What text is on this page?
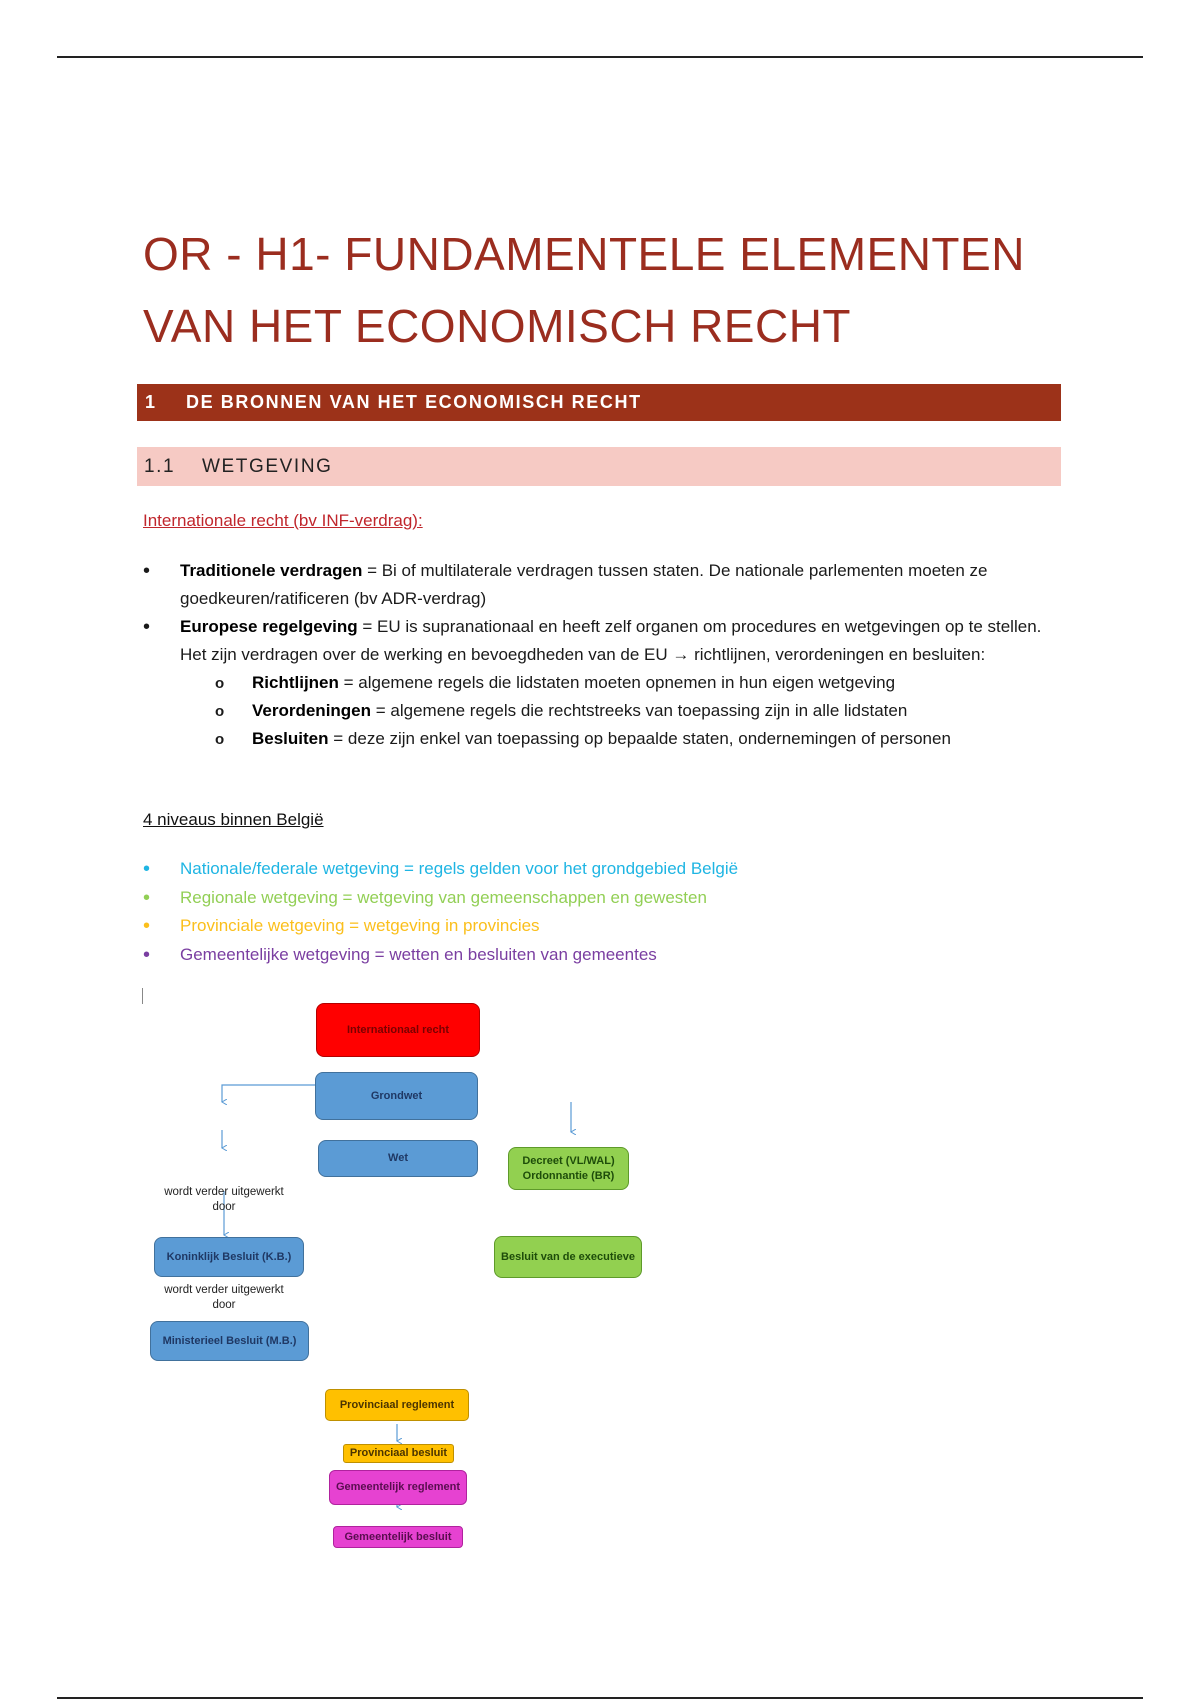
OR - H1- FUNDAMENTELE ELEMENTEN
VAN HET ECONOMISCH RECHT
1	DE BRONNEN VAN HET ECONOMISCH RECHT
1.1	WETGEVING
Internationale recht (bv INF-verdrag):
• Traditionele verdragen = Bi of multilaterale verdragen tussen staten. De nationale parlementen moeten ze goedkeuren/ratificeren (bv ADR-verdrag)
• Europese regelgeving = EU is supranationaal en heeft zelf organen om procedures en wetgevingen op te stellen. Het zijn verdragen over de werking en bevoegdheden van de EU → richtlijnen, verordeningen en besluiten:
o Richtlijnen = algemene regels die lidstaten moeten opnemen in hun eigen wetgeving
o Verordeningen = algemene regels die rechtstreeks van toepassing zijn in alle lidstaten
o Besluiten = deze zijn enkel van toepassing op bepaalde staten, ondernemingen of personen
4 niveaus binnen België
• Nationale/federale wetgeving = regels gelden voor het grondgebied België
• Regionale wetgeving = wetgeving van gemeenschappen en gewesten
• Provinciale wetgeving = wetgeving in provincies
• Gemeentelijke wetgeving = wetten en besluiten van gemeentes
Internationaal recht
Grondwet
Wet	Decreet (VL/WAL)
Ordonnantie (BR)
wordt verder uitgewerkt
door
Koninklijk Besluit (K.B.)
wordt verder uitgewerkt
door
Ministerieel Besluit (M.B.)
Besluit van de executieve
Provinciaal reglement
Provinciaal besluit
Gemeentelijk reglement
Gemeentelijk besluit
